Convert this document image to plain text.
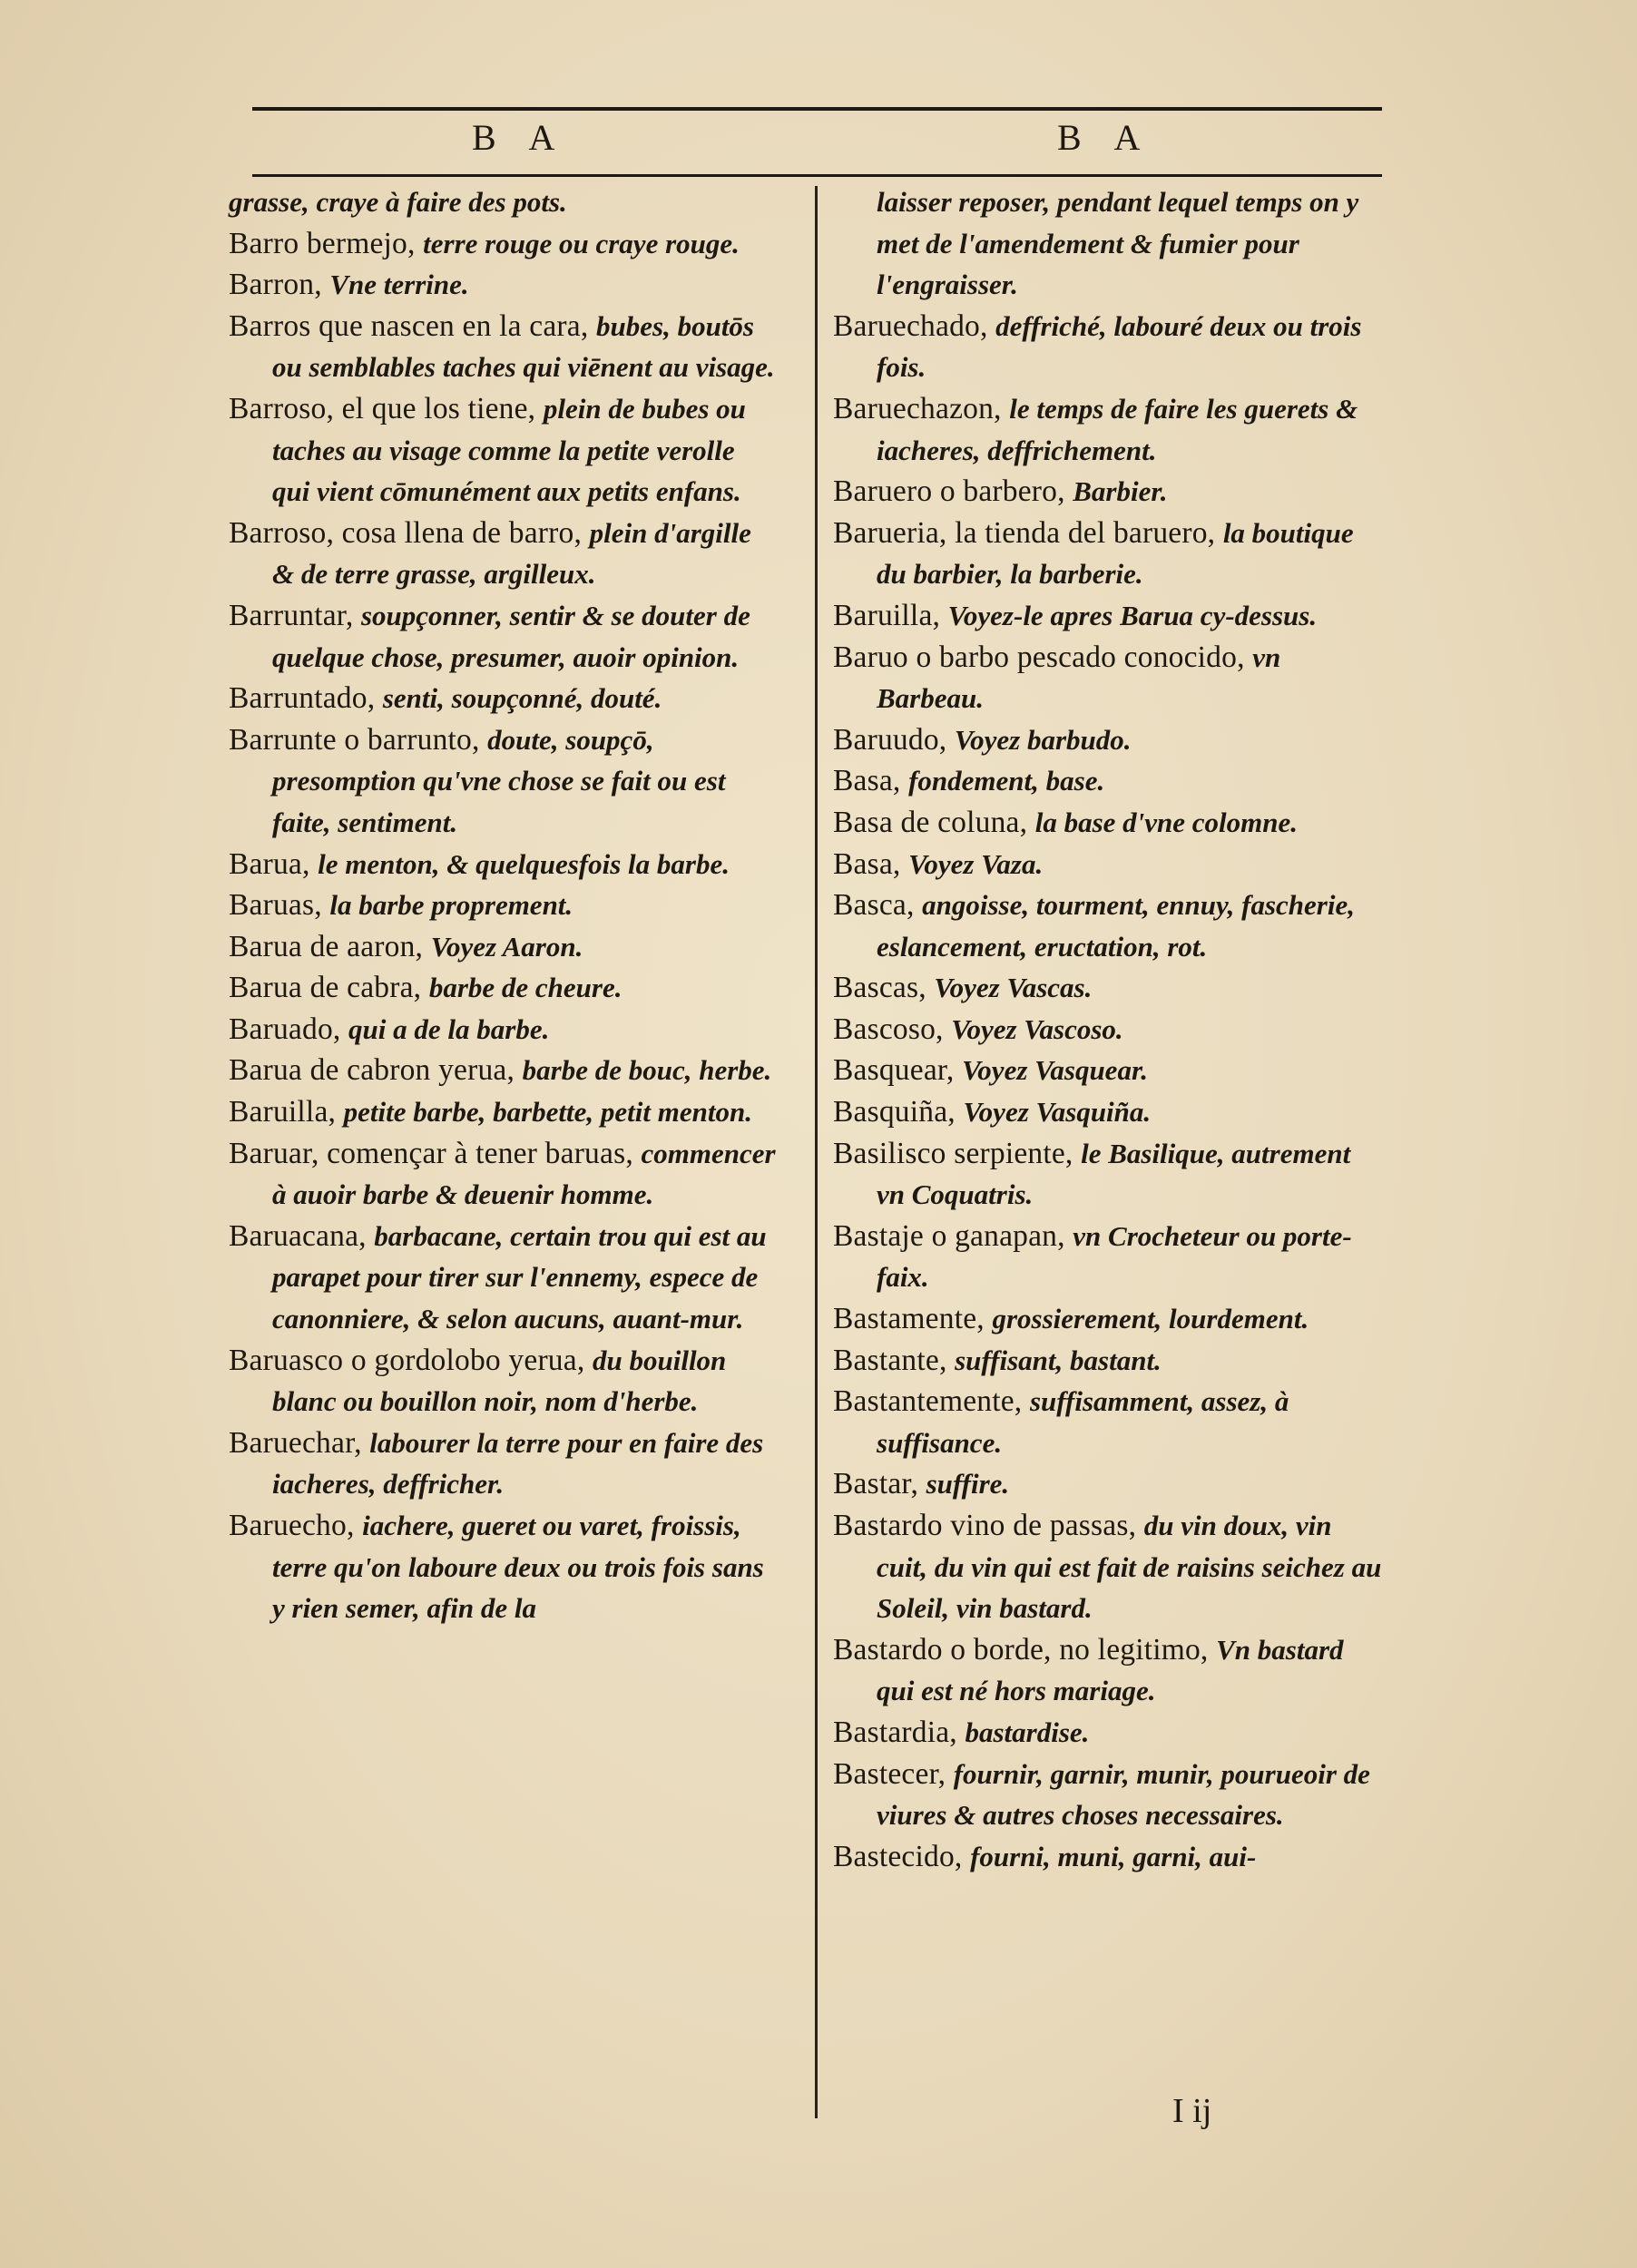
B A	B A

grasse, craye à faire des pots.

Barro bermejo, terre rouge ou craye rouge.

Barron, Vne terrine.

Barros que nascen en la cara, bubes, boutōs ou semblables taches qui viēnent au visage.

Barroso, el que los tiene, plein de bubes ou taches au visage comme la petite verolle qui vient cōmunément aux petits enfans.

Barroso, cosa llena de barro, plein d'argille & de terre grasse, argilleux.

Barruntar, soupçonner, sentir & se douter de quelque chose, presumer, auoir opinion.

Barruntado, senti, soupçonné, douté.

Barrunte o barrunto, doute, soupçō, presomption qu'vne chose se fait ou est faite, sentiment.

Barua, le menton, & quelquesfois la barbe.

Baruas, la barbe proprement.

Barua de aaron, Voyez Aaron.

Barua de cabra, barbe de cheure.

Baruado, qui a de la barbe.

Barua de cabron yerua, barbe de bouc, herbe.

Baruilla, petite barbe, barbette, petit menton.

Baruar, començar à tener baruas, commencer à auoir barbe & deuenir homme.

Baruacana, barbacane, certain trou qui est au parapet pour tirer sur l'ennemy, espece de canonniere, & selon aucuns, auant-mur.

Baruasco o gordolobo yerua, du bouillon blanc ou bouillon noir, nom d'herbe.

Baruechar, labourer la terre pour en faire des iacheres, deffricher.

Baruecho, iachere, gueret ou varet, froissis, terre qu'on laboure deux ou trois fois sans y rien semer, afin de la

laisser reposer, pendant lequel temps on y met de l'amendement & fumier pour l'engraisser.

Baruechado, deffriché, labouré deux ou trois fois.

Baruechazon, le temps de faire les guerets & iacheres, deffrichement.

Baruero o barbero, Barbier.

Barueria, la tienda del baruero, la boutique du barbier, la barberie.

Baruilla, Voyez-le apres Barua cy-dessus.

Baruo o barbo pescado conocido, vn Barbeau.

Baruudo, Voyez barbudo.

Basa, fondement, base.

Basa de coluna, la base d'vne colomne.

Basa, Voyez Vaza.

Basca, angoisse, tourment, ennuy, fascherie, eslancement, eructation, rot.

Bascas, Voyez Vascas.

Bascoso, Voyez Vascoso.

Basquear, Voyez Vasquear.

Basquiña, Voyez Vasquiña.

Basilisco serpiente, le Basilique, autrement vn Coquatris.

Bastaje o ganapan, vn Crocheteur ou porte-faix.

Bastamente, grossierement, lourdement.

Bastante, suffisant, bastant.

Bastantemente, suffisamment, assez, à suffisance.

Bastar, suffire.

Bastardo vino de passas, du vin doux, vin cuit, du vin qui est fait de raisins seichez au Soleil, vin bastard.

Bastardo o borde, no legitimo, Vn bastard qui est né hors mariage.

Bastardia, bastardise.

Bastecer, fournir, garnir, munir, pourueoir de viures & autres choses necessaires.

Bastecido, fourni, muni, garni, aui-

I ij
